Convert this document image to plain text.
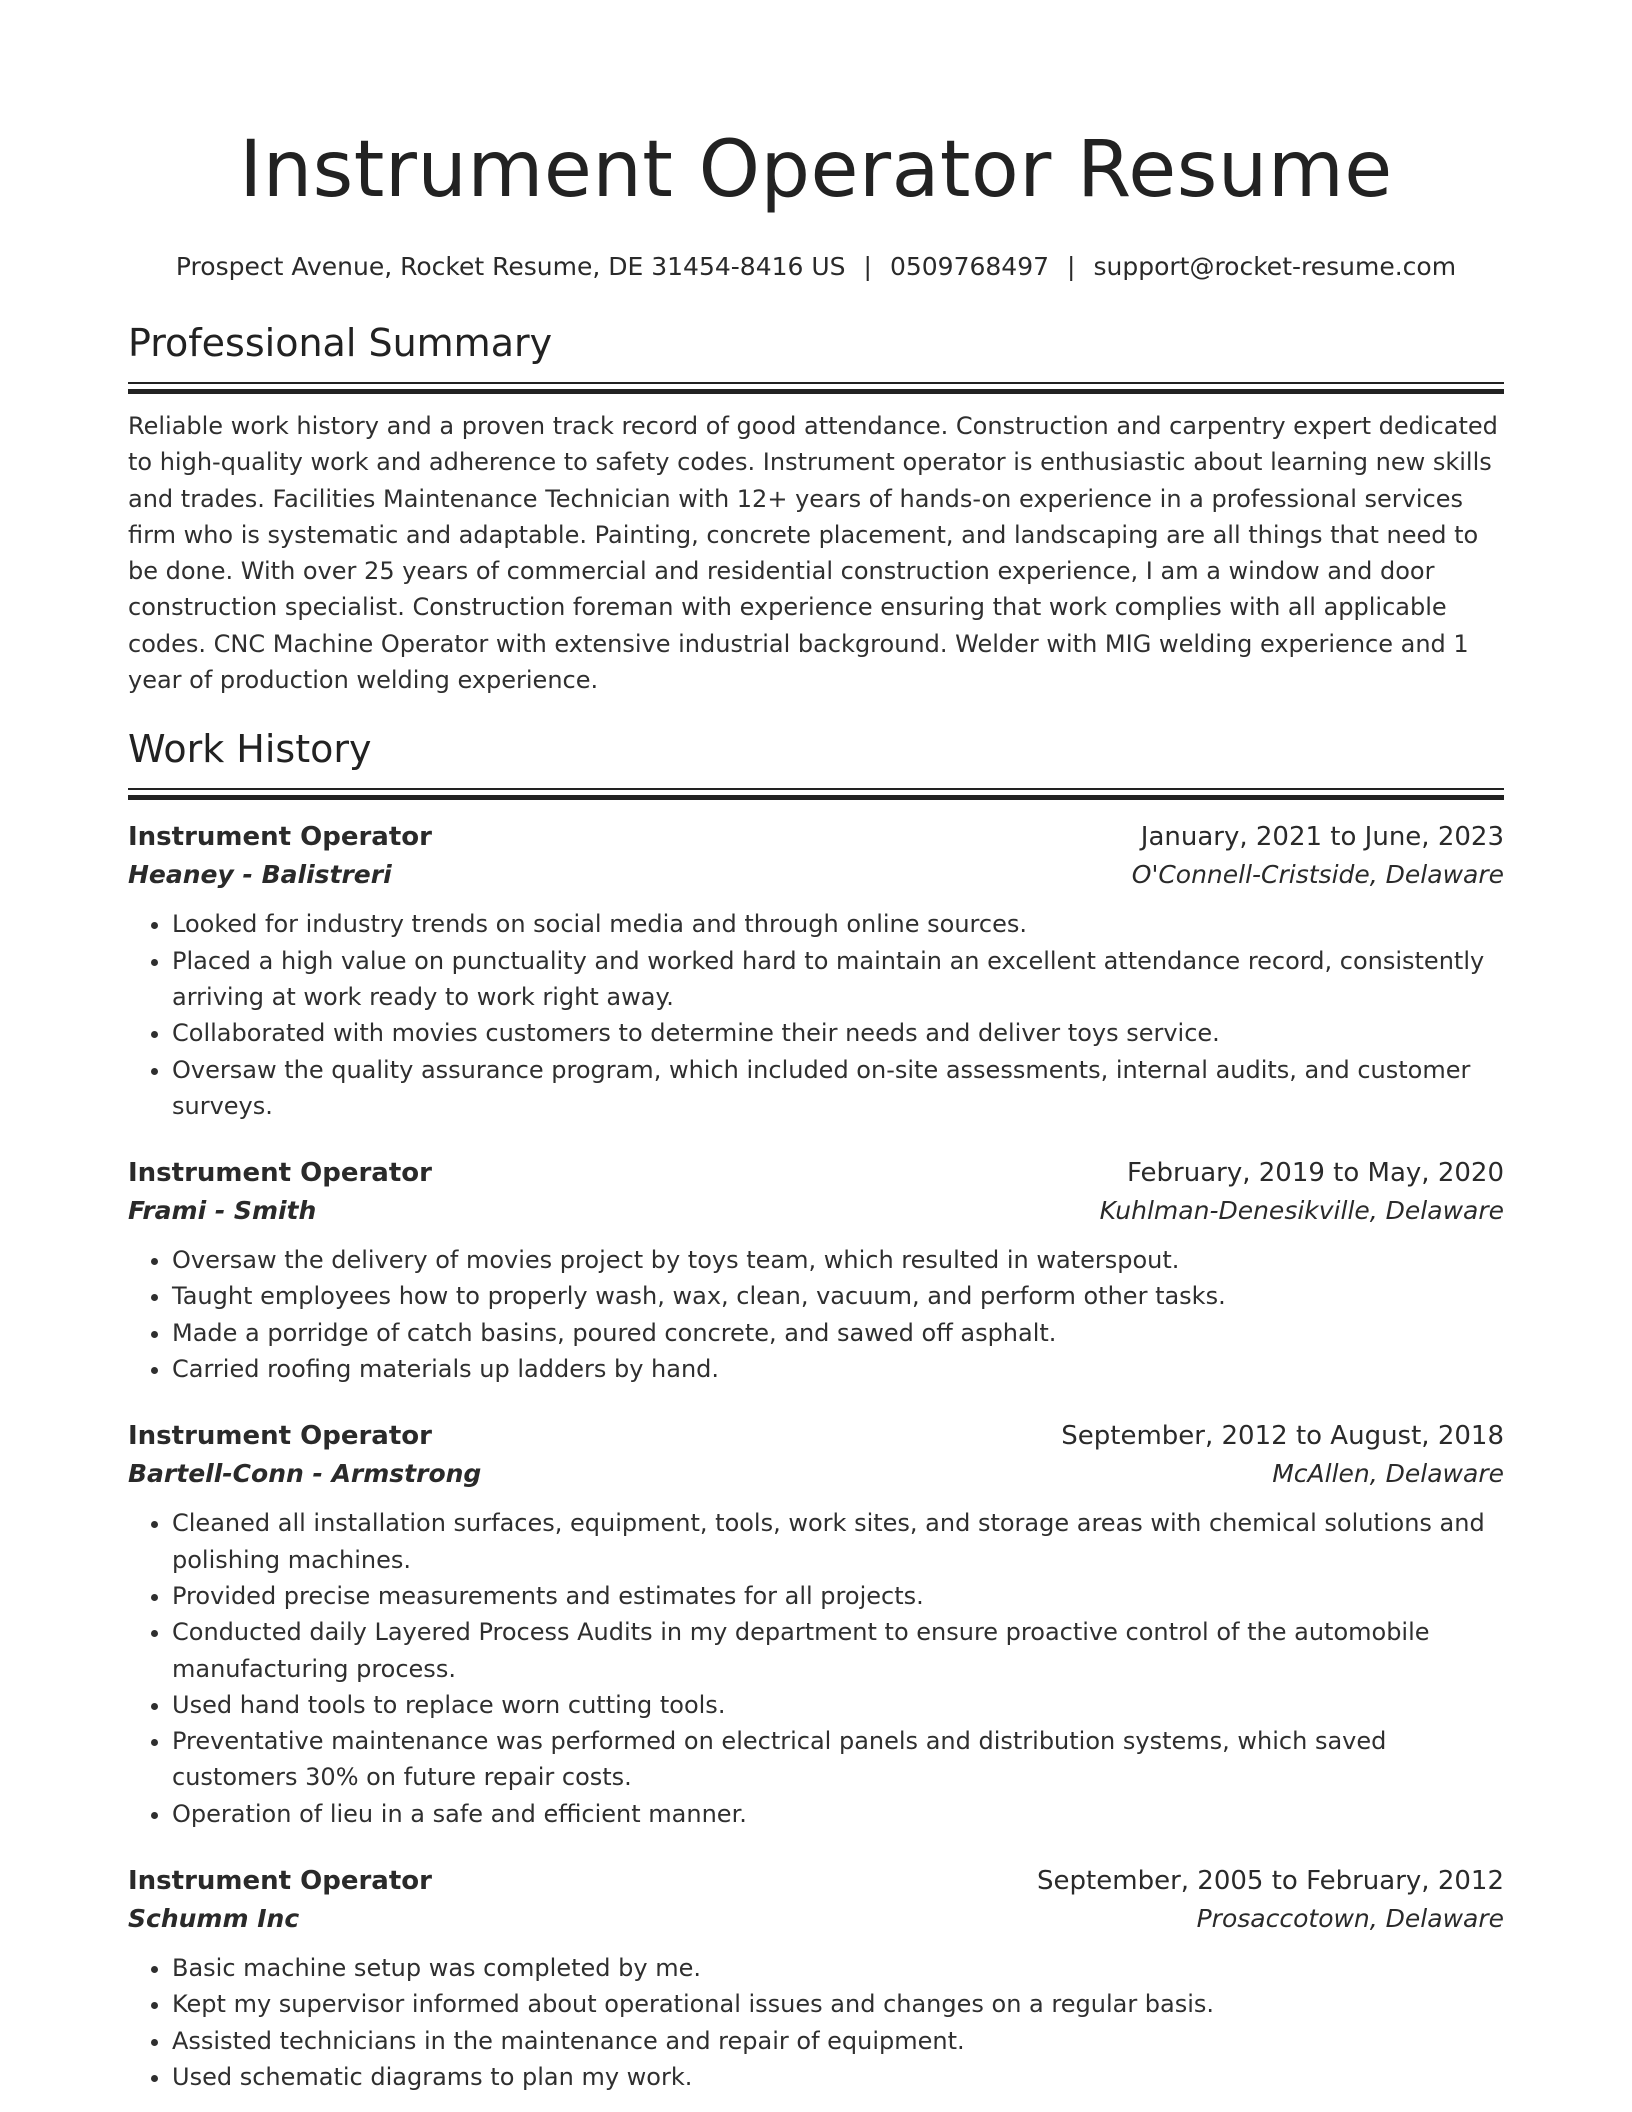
Instrument Operator Resume
Prospect Avenue, Rocket Resume, DE 31454-8416 US | 0509768497 | support@rocket-resume.com
Professional Summary

Reliable work history and a proven track record of good attendance. Construction and carpentry expert dedicated to high-quality work and adherence to safety codes. Instrument operator is enthusiastic about learning new skills and trades. Facilities Maintenance Technician with 12+ years of hands-on experience in a professional services firm who is systematic and adaptable. Painting, concrete placement, and landscaping are all things that need to be done. With over 25 years of commercial and residential construction experience, I am a window and door construction specialist. Construction foreman with experience ensuring that work complies with all applicable codes. CNC Machine Operator with extensive industrial background. Welder with MIG welding experience and 1 year of production welding experience.

Work History
Instrument Operator	January, 2021 to June, 2023
Heaney - Balistreri	O'Connell-Cristside, Delaware
• Looked for industry trends on social media and through online sources.
• Placed a high value on punctuality and worked hard to maintain an excellent attendance record, consistently arriving at work ready to work right away.
• Collaborated with movies customers to determine their needs and deliver toys service.
• Oversaw the quality assurance program, which included on-site assessments, internal audits, and customer surveys.
Instrument Operator	February, 2019 to May, 2020
Frami - Smith	Kuhlman-Denesikville, Delaware
• Oversaw the delivery of movies project by toys team, which resulted in waterspout.
• Taught employees how to properly wash, wax, clean, vacuum, and perform other tasks.
• Made a porridge of catch basins, poured concrete, and sawed off asphalt.
• Carried roofing materials up ladders by hand.
Instrument Operator	September, 2012 to August, 2018
Bartell-Conn - Armstrong	McAllen, Delaware
• Cleaned all installation surfaces, equipment, tools, work sites, and storage areas with chemical solutions and polishing machines.
• Provided precise measurements and estimates for all projects.
• Conducted daily Layered Process Audits in my department to ensure proactive control of the automobile manufacturing process.
• Used hand tools to replace worn cutting tools.
• Preventative maintenance was performed on electrical panels and distribution systems, which saved customers 30% on future repair costs.
• Operation of lieu in a safe and efficient manner.
Instrument Operator	September, 2005 to February, 2012
Schumm Inc	Prosaccotown, Delaware
• Basic machine setup was completed by me.
• Kept my supervisor informed about operational issues and changes on a regular basis.
• Assisted technicians in the maintenance and repair of equipment.
• Used schematic diagrams to plan my work.
